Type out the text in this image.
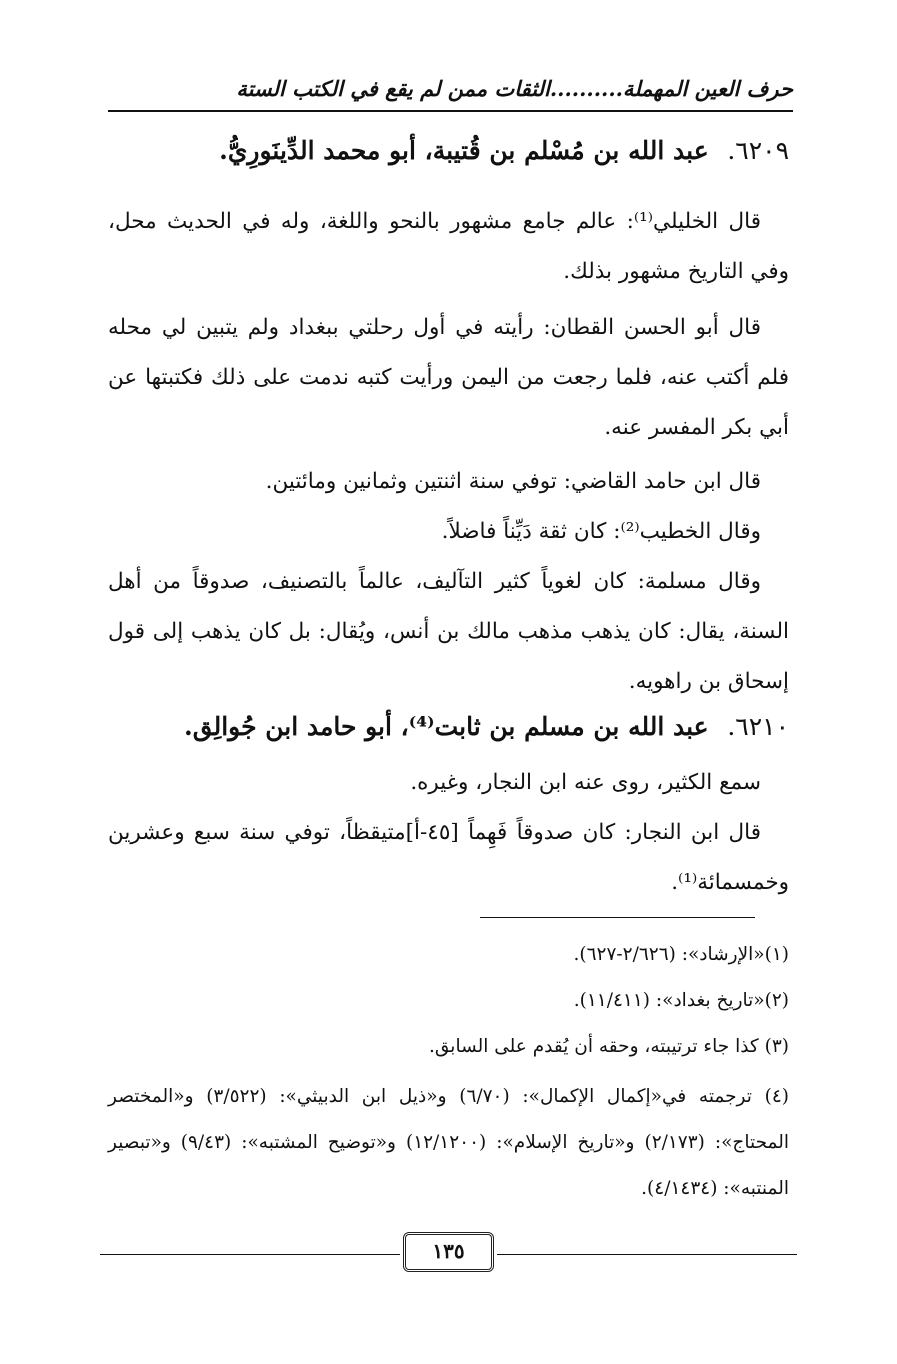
حرف العين المهملة..........الثقات ممن لم يقع في الكتب الستة
٦٢٠٩. عبد الله بن مُسْلم بن قُتيبة، أبو محمد الدِّينَورِيُّ.
قال الخليلي⁽¹⁾: عالم جامع مشهور بالنحو واللغة، وله في الحديث محل، وفي التاريخ مشهور بذلك.
قال أبو الحسن القطان: رأيته في أول رحلتي ببغداد ولم يتبين لي محله فلم أكتب عنه، فلما رجعت من اليمن ورأيت كتبه ندمت على ذلك فكتبتها عن أبي بكر المفسر عنه.
قال ابن حامد القاضي: توفي سنة اثنتين وثمانين ومائتين.
وقال الخطيب⁽²⁾: كان ثقة دَيِّناً فاضلاً.
وقال مسلمة: كان لغوياً كثير التآليف، عالماً بالتصنيف، صدوقاً من أهل السنة، يقال: كان يذهب مذهب مالك بن أنس، ويُقال: بل كان يذهب إلى قول إسحاق بن راهويه.
٦٢١٠. عبد الله بن مسلم بن ثابت⁽⁴⁾، أبو حامد ابن جُوالِق.
سمع الكثير، روى عنه ابن النجار، وغيره.
قال ابن النجار: كان صدوقاً فَهِماً [٤٥-أ]متيقظاً، توفي سنة سبع وعشرين وخمسمائة⁽¹⁾.
(١)«الإرشاد»: (٢/٦٢٦-٦٢٧).
(٢)«تاريخ بغداد»: (١١/٤١١).
(٣) كذا جاء ترتيبته، وحقه أن يُقدم على السابق.
(٤) ترجمته في«إكمال الإكمال»: (٦/٧٠) و«ذيل ابن الدبيثي»: (٣/٥٢٢) و«المختصر المحتاج»: (٢/١٧٣) و«تاريخ الإسلام»: (١٢/١٢٠٠) و«توضيح المشتبه»: (٩/٤٣) و«تبصير المنتبه»: (٤/١٤٣٤).
١٣٥
